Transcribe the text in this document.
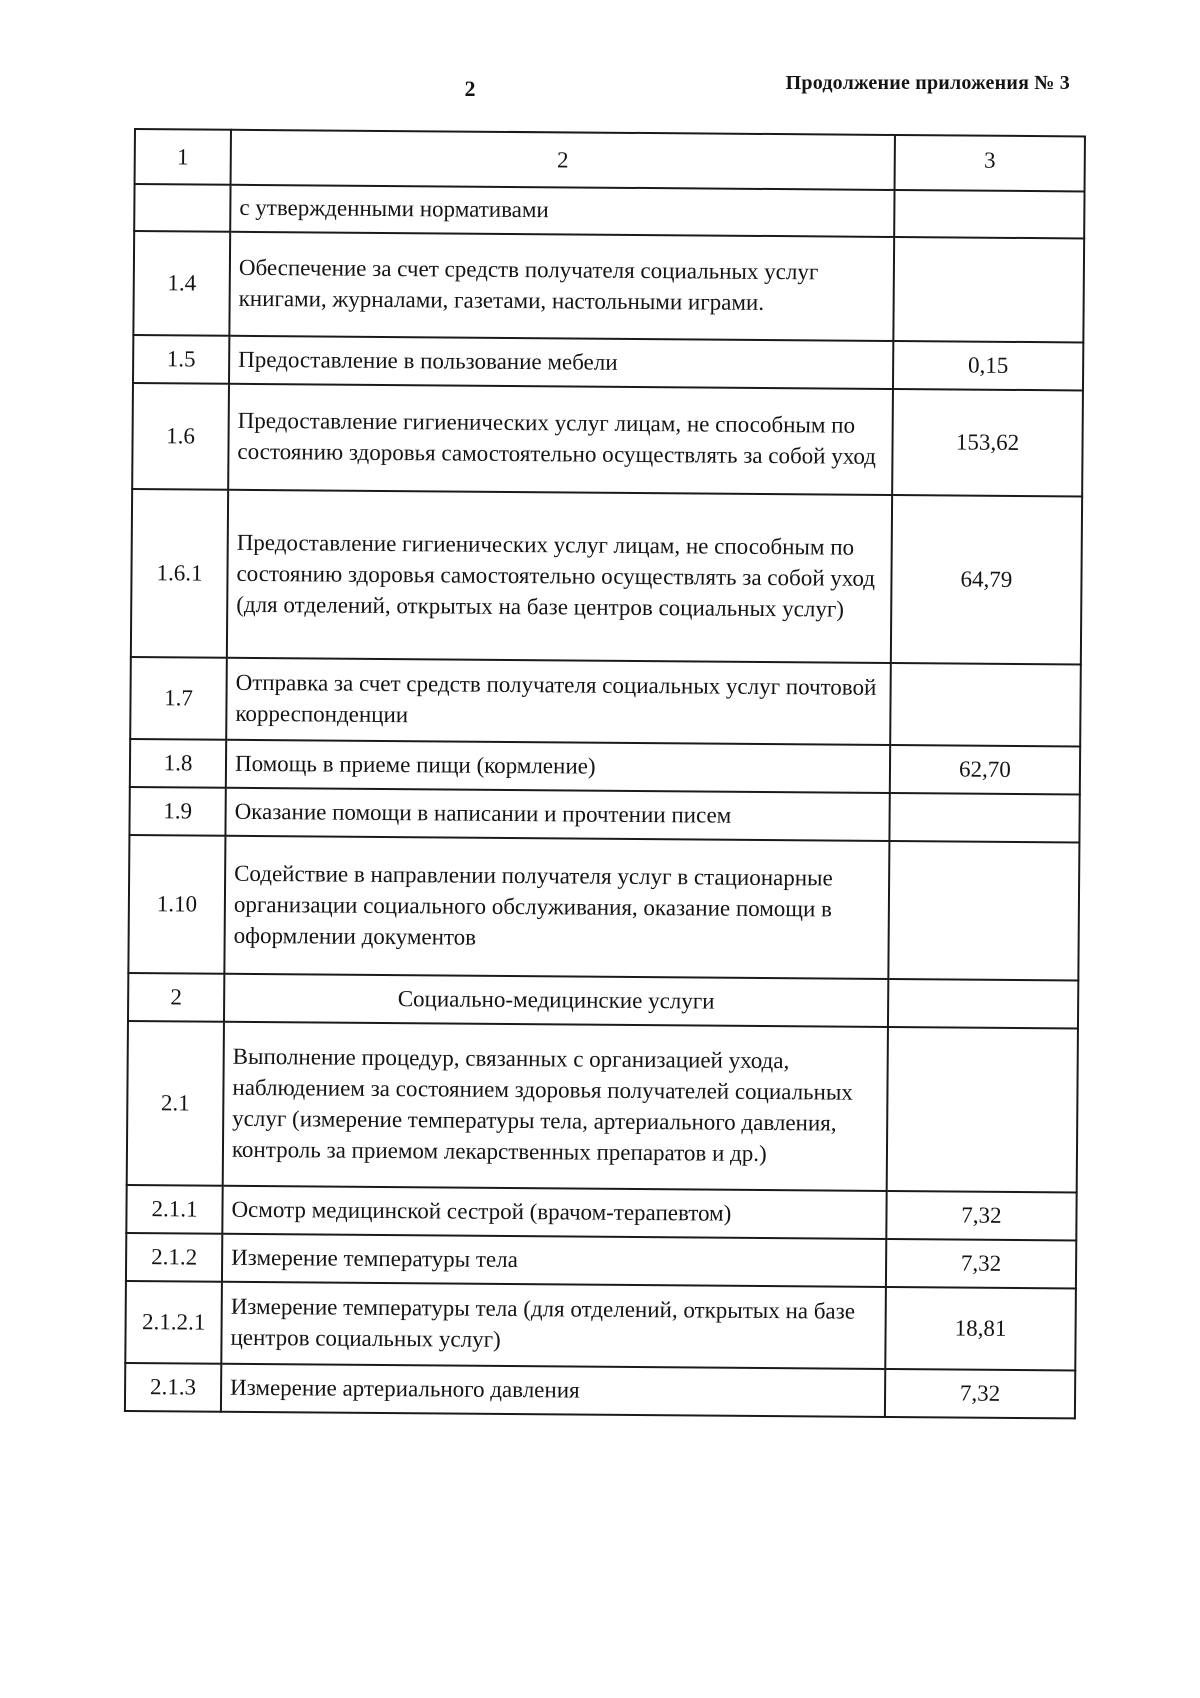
2	Продолжение приложения № 3
1	2	3
	с утвержденными нормативами	
1.4	Обеспечение за счет средств получателя социальных услуг книгами, журналами, газетами, настольными играми.	
1.5	Предоставление в пользование мебели	0,15
1.6	Предоставление гигиенических услуг лицам, не способным по состоянию здоровья самостоятельно осуществлять за собой уход	153,62
1.6.1	Предоставление гигиенических услуг лицам, не способным по состоянию здоровья самостоятельно осуществлять за собой уход (для отделений, открытых на базе центров социальных услуг)	64,79
1.7	Отправка за счет средств получателя социальных услуг почтовой корреспонденции	
1.8	Помощь в приеме пищи (кормление)	62,70
1.9	Оказание помощи в написании и прочтении писем	
1.10	Содействие в направлении получателя услуг в стационарные организации социального обслуживания, оказание помощи в оформлении документов	
2	Социально-медицинские услуги	
2.1	Выполнение процедур, связанных с организацией ухода, наблюдением за состоянием здоровья получателей социальных услуг (измерение температуры тела, артериального давления, контроль за приемом лекарственных препаратов и др.)	
2.1.1	Осмотр медицинской сестрой (врачом-терапевтом)	7,32
2.1.2	Измерение температуры тела	7,32
2.1.2.1	Измерение температуры тела (для отделений, открытых на базе центров социальных услуг)	18,81
2.1.3	Измерение артериального давления	7,32
